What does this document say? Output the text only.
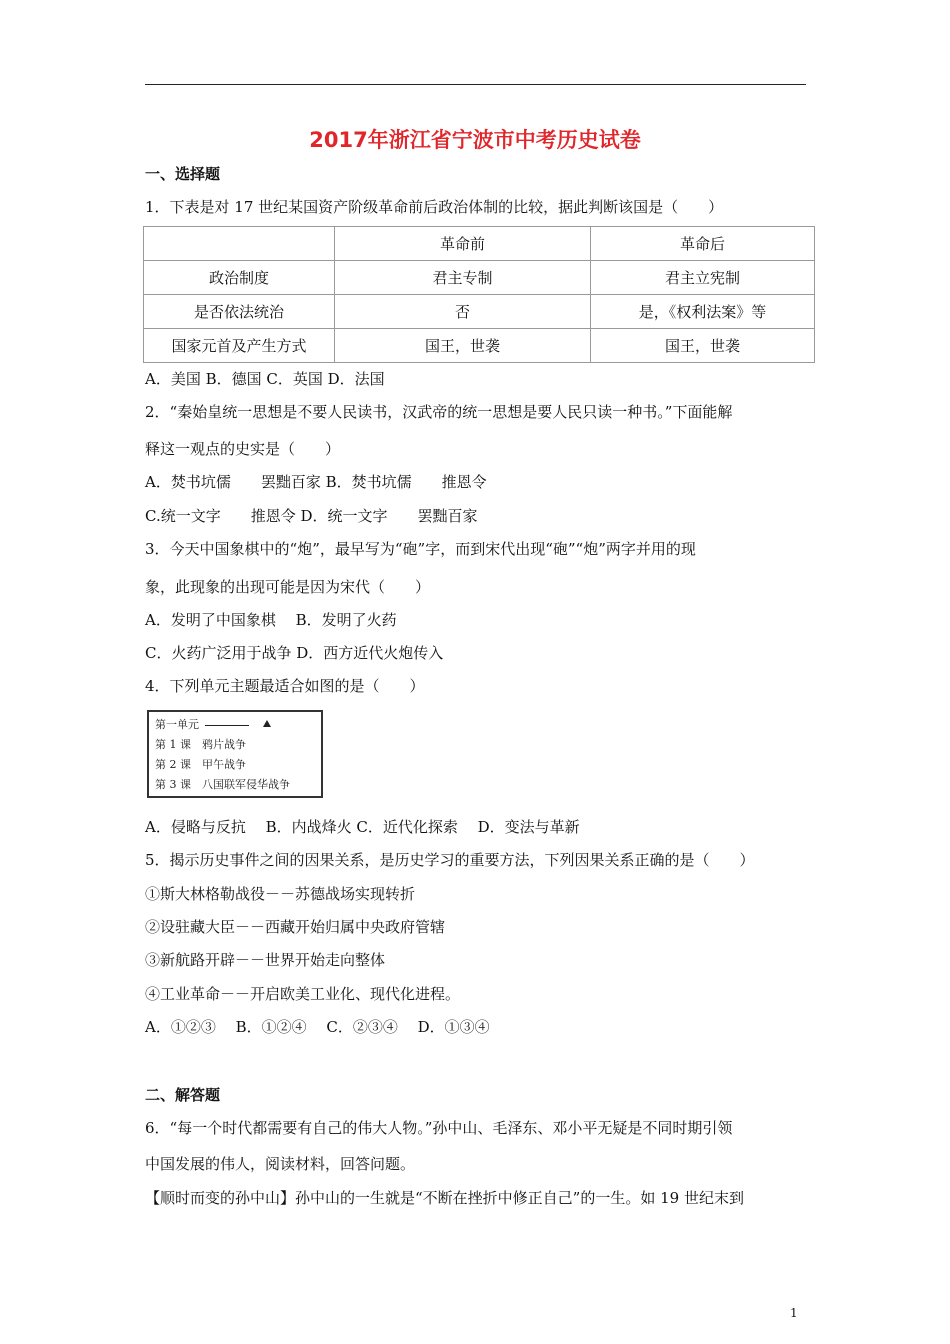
2017年浙江省宁波市中考历史试卷
一、选择题
1．下表是对 17 世纪某国资产阶级革命前后政治体制的比较，据此判断该国是（　　）
	革命前	革命后
政治制度	君主专制	君主立宪制
是否依法统治	否	是，《权利法案》等
国家元首及产生方式	国王，世袭	国王，世袭
A．美国 B．德国 C．英国 D．法国
2．“秦始皇统一思想是不要人民读书，汉武帝的统一思想是要人民只读一种书。”下面能解
释这一观点的史实是（　　）
A．焚书坑儒　　罢黜百家 B．焚书坑儒　　推恩令
C.统一文字　　推恩令 D．统一文字　　罢黜百家
3．今天中国象棋中的“炮”，最早写为“砲”字，而到宋代出现“砲”“炮”两字并用的现
象，此现象的出现可能是因为宋代（　　）
A．发明了中国象棋　 B．发明了火药
C．火药广泛用于战争 D．西方近代火炮传入
4．下列单元主题最适合如图的是（　　）
第一单元
第 1 课　鸦片战争
第 2 课　甲午战争
第 3 课　八国联军侵华战争
A．侵略与反抗　 B．内战烽火 C．近代化探索　 D．变法与革新
5．揭示历史事件之间的因果关系，是历史学习的重要方法，下列因果关系正确的是（　　）
①斯大林格勒战役－－苏德战场实现转折
②设驻藏大臣－－西藏开始归属中央政府管辖
③新航路开辟－－世界开始走向整体
④工业革命－－开启欧美工业化、现代化进程。
A．①②③　 B．①②④　 C．②③④　 D．①③④
二、解答题
6．“每一个时代都需要有自己的伟大人物。”孙中山、毛泽东、邓小平无疑是不同时期引领
中国发展的伟人，阅读材料，回答问题。
【顺时而变的孙中山】孙中山的一生就是“不断在挫折中修正自己”的一生。如 19 世纪末到
1
